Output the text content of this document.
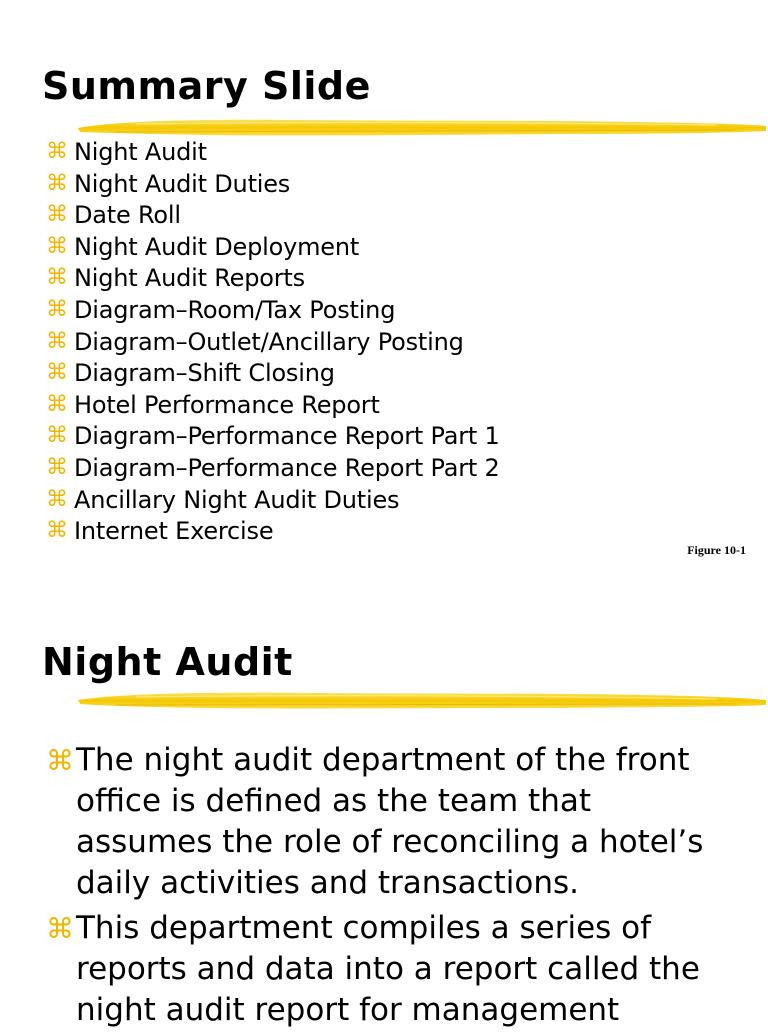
Summary Slide
⌘ Night Audit
⌘ Night Audit Duties
⌘ Date Roll
⌘ Night Audit Deployment
⌘ Night Audit Reports
⌘ Diagram–Room/Tax Posting
⌘ Diagram–Outlet/Ancillary Posting
⌘ Diagram–Shift Closing
⌘ Hotel Performance Report
⌘ Diagram–Performance Report Part 1
⌘ Diagram–Performance Report Part 2
⌘ Ancillary Night Audit Duties
⌘ Internet Exercise
Figure 10-1
Night Audit
⌘ The night audit department of the front office is defined as the team that assumes the role of reconciling a hotel’s daily activities and transactions.
⌘ This department compiles a series of reports and data into a report called the night audit report for management
